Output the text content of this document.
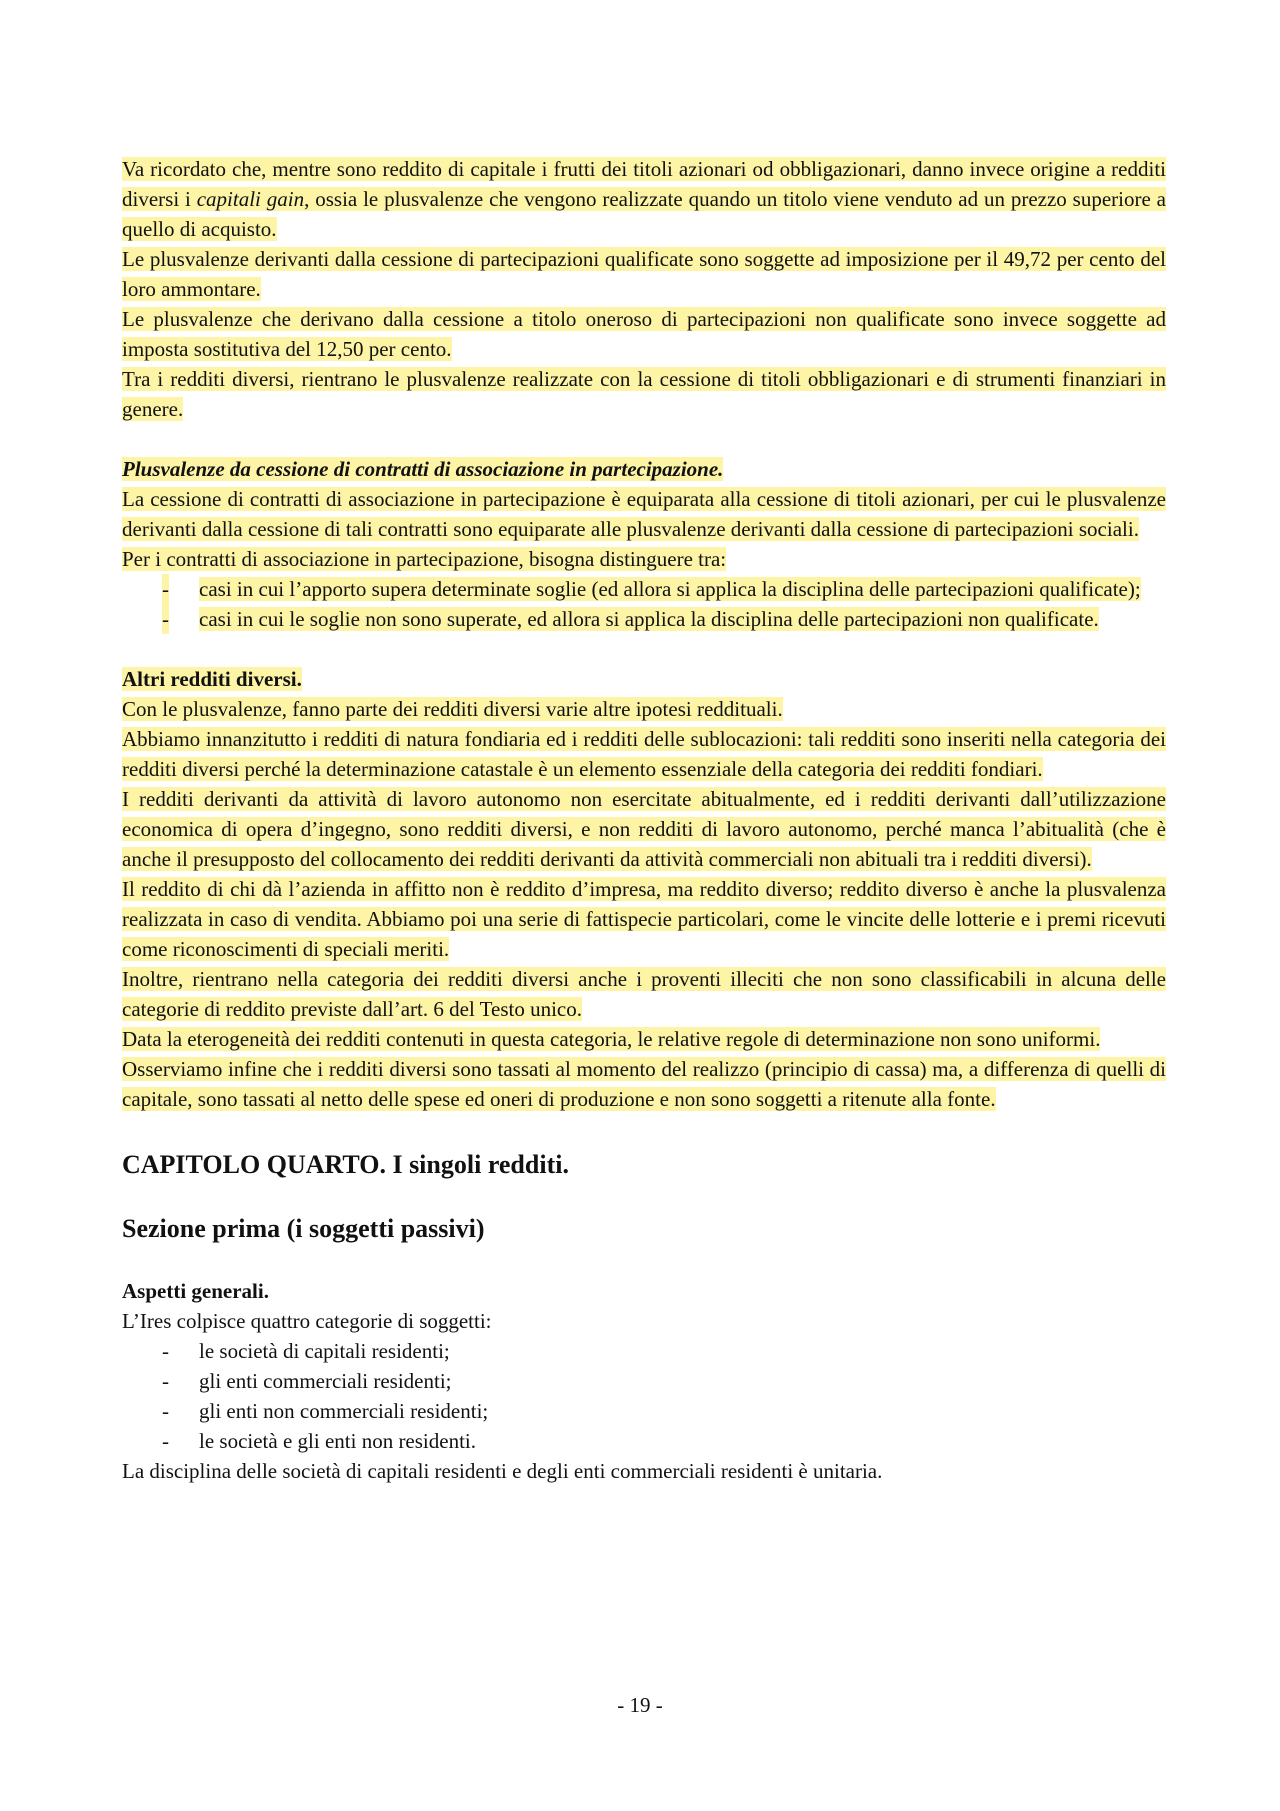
Va ricordato che, mentre sono reddito di capitale i frutti dei titoli azionari od obbligazionari, danno invece origine a redditi diversi i capitali gain, ossia le plusvalenze che vengono realizzate quando un titolo viene venduto ad un prezzo superiore a quello di acquisto.

Le plusvalenze derivanti dalla cessione di partecipazioni qualificate sono soggette ad imposizione per il 49,72 per cento del loro ammontare.

Le plusvalenze che derivano dalla cessione a titolo oneroso di partecipazioni non qualificate sono invece soggette ad imposta sostitutiva del 12,50 per cento.

Tra i redditi diversi, rientrano le plusvalenze realizzate con la cessione di titoli obbligazionari e di strumenti finanziari in genere.

Plusvalenze da cessione di contratti di associazione in partecipazione.

La cessione di contratti di associazione in partecipazione è equiparata alla cessione di titoli azionari, per cui le plusvalenze derivanti dalla cessione di tali contratti sono equiparate alle plusvalenze derivanti dalla cessione di partecipazioni sociali.

Per i contratti di associazione in partecipazione, bisogna distinguere tra:

- casi in cui l’apporto supera determinate soglie (ed allora si applica la disciplina delle partecipazioni qualificate);
- casi in cui le soglie non sono superate, ed allora si applica la disciplina delle partecipazioni non qualificate.

Altri redditi diversi.

Con le plusvalenze, fanno parte dei redditi diversi varie altre ipotesi reddituali.

Abbiamo innanzitutto i redditi di natura fondiaria ed i redditi delle sublocazioni: tali redditi sono inseriti nella categoria dei redditi diversi perché la determinazione catastale è un elemento essenziale della categoria dei redditi fondiari.

I redditi derivanti da attività di lavoro autonomo non esercitate abitualmente, ed i redditi derivanti dall’utilizzazione economica di opera d’ingegno, sono redditi diversi, e non redditi di lavoro autonomo, perché manca l’abitualità (che è anche il presupposto del collocamento dei redditi derivanti da attività commerciali non abituali tra i redditi diversi).

Il reddito di chi dà l’azienda in affitto non è reddito d’impresa, ma reddito diverso; reddito diverso è anche la plusvalenza realizzata in caso di vendita. Abbiamo poi una serie di fattispecie particolari, come le vincite delle lotterie e i premi ricevuti come riconoscimenti di speciali meriti.

Inoltre, rientrano nella categoria dei redditi diversi anche i proventi illeciti che non sono classificabili in alcuna delle categorie di reddito previste dall’art. 6 del Testo unico.

Data la eterogeneità dei redditi contenuti in questa categoria, le relative regole di determinazione non sono uniformi.

Osserviamo infine che i redditi diversi sono tassati al momento del realizzo (principio di cassa) ma, a differenza di quelli di capitale, sono tassati al netto delle spese ed oneri di produzione e non sono soggetti a ritenute alla fonte.

CAPITOLO QUARTO. I singoli redditi.

Sezione prima (i soggetti passivi)

Aspetti generali.

L’Ires colpisce quattro categorie di soggetti:

- le società di capitali residenti;
- gli enti commerciali residenti;
- gli enti non commerciali residenti;
- le società e gli enti non residenti.

La disciplina delle società di capitali residenti e degli enti commerciali residenti è unitaria.

- 19 -
